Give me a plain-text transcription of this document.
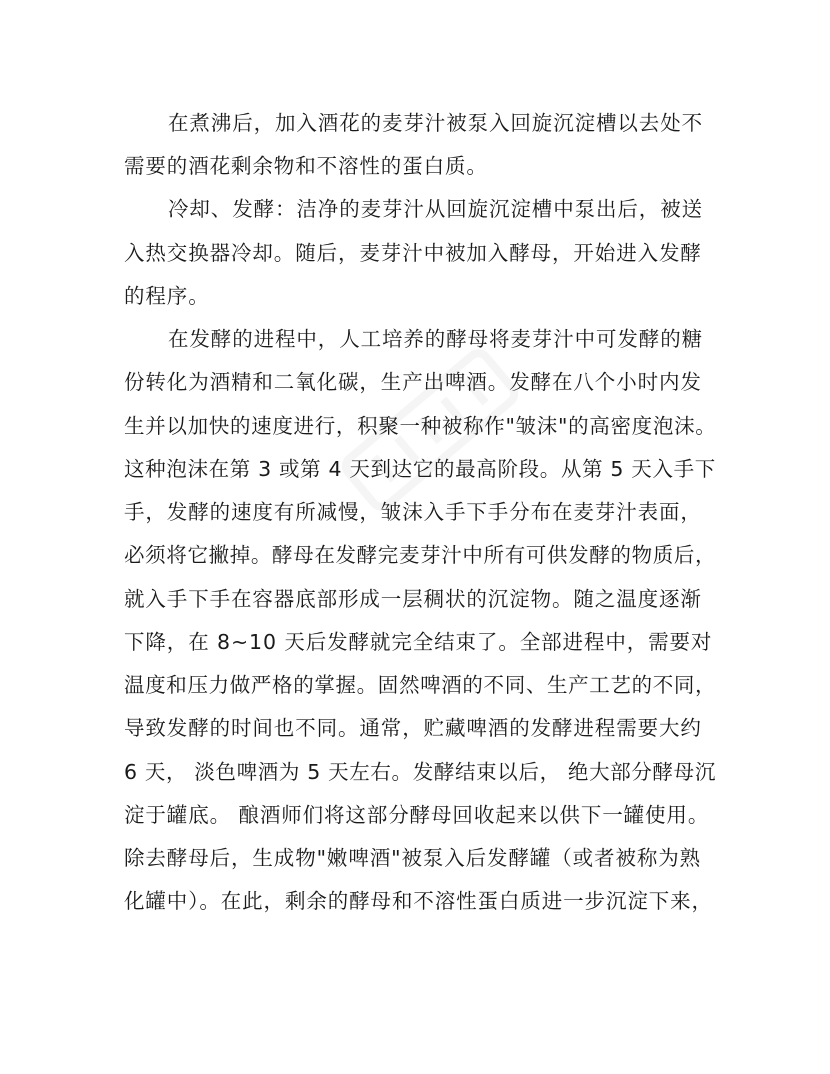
在煮沸后，加入酒花的麦芽汁被泵入回旋沉淀槽以去处不
需要的酒花剩余物和不溶性的蛋白质。
冷却、发酵：洁净的麦芽汁从回旋沉淀槽中泵出后，被送
入热交换器冷却。随后，麦芽汁中被加入酵母，开始进入发酵
的程序。
在发酵的进程中，人工培养的酵母将麦芽汁中可发酵的糖
份转化为酒精和二氧化碳，生产出啤酒。发酵在八个小时内发
生并以加快的速度进行，积聚一种被称作"皱沫"的高密度泡沫。
这种泡沫在第 3 或第 4 天到达它的最高阶段。从第 5 天入手下
手，发酵的速度有所减慢，皱沫入手下手分布在麦芽汁表面，
必须将它撇掉。酵母在发酵完麦芽汁中所有可供发酵的物质后，
就入手下手在容器底部形成一层稠状的沉淀物。随之温度逐渐
下降，在 8~10 天后发酵就完全结束了。全部进程中，需要对
温度和压力做严格的掌握。固然啤酒的不同、生产工艺的不同，
导致发酵的时间也不同。通常，贮藏啤酒的发酵进程需要大约
6 天， 淡色啤酒为 5 天左右。发酵结束以后， 绝大部分酵母沉
淀于罐底。 酿酒师们将这部分酵母回收起来以供下一罐使用。
除去酵母后，生成物"嫩啤酒"被泵入后发酵罐（或者被称为熟
化罐中）。在此，剩余的酵母和不溶性蛋白质进一步沉淀下来，
